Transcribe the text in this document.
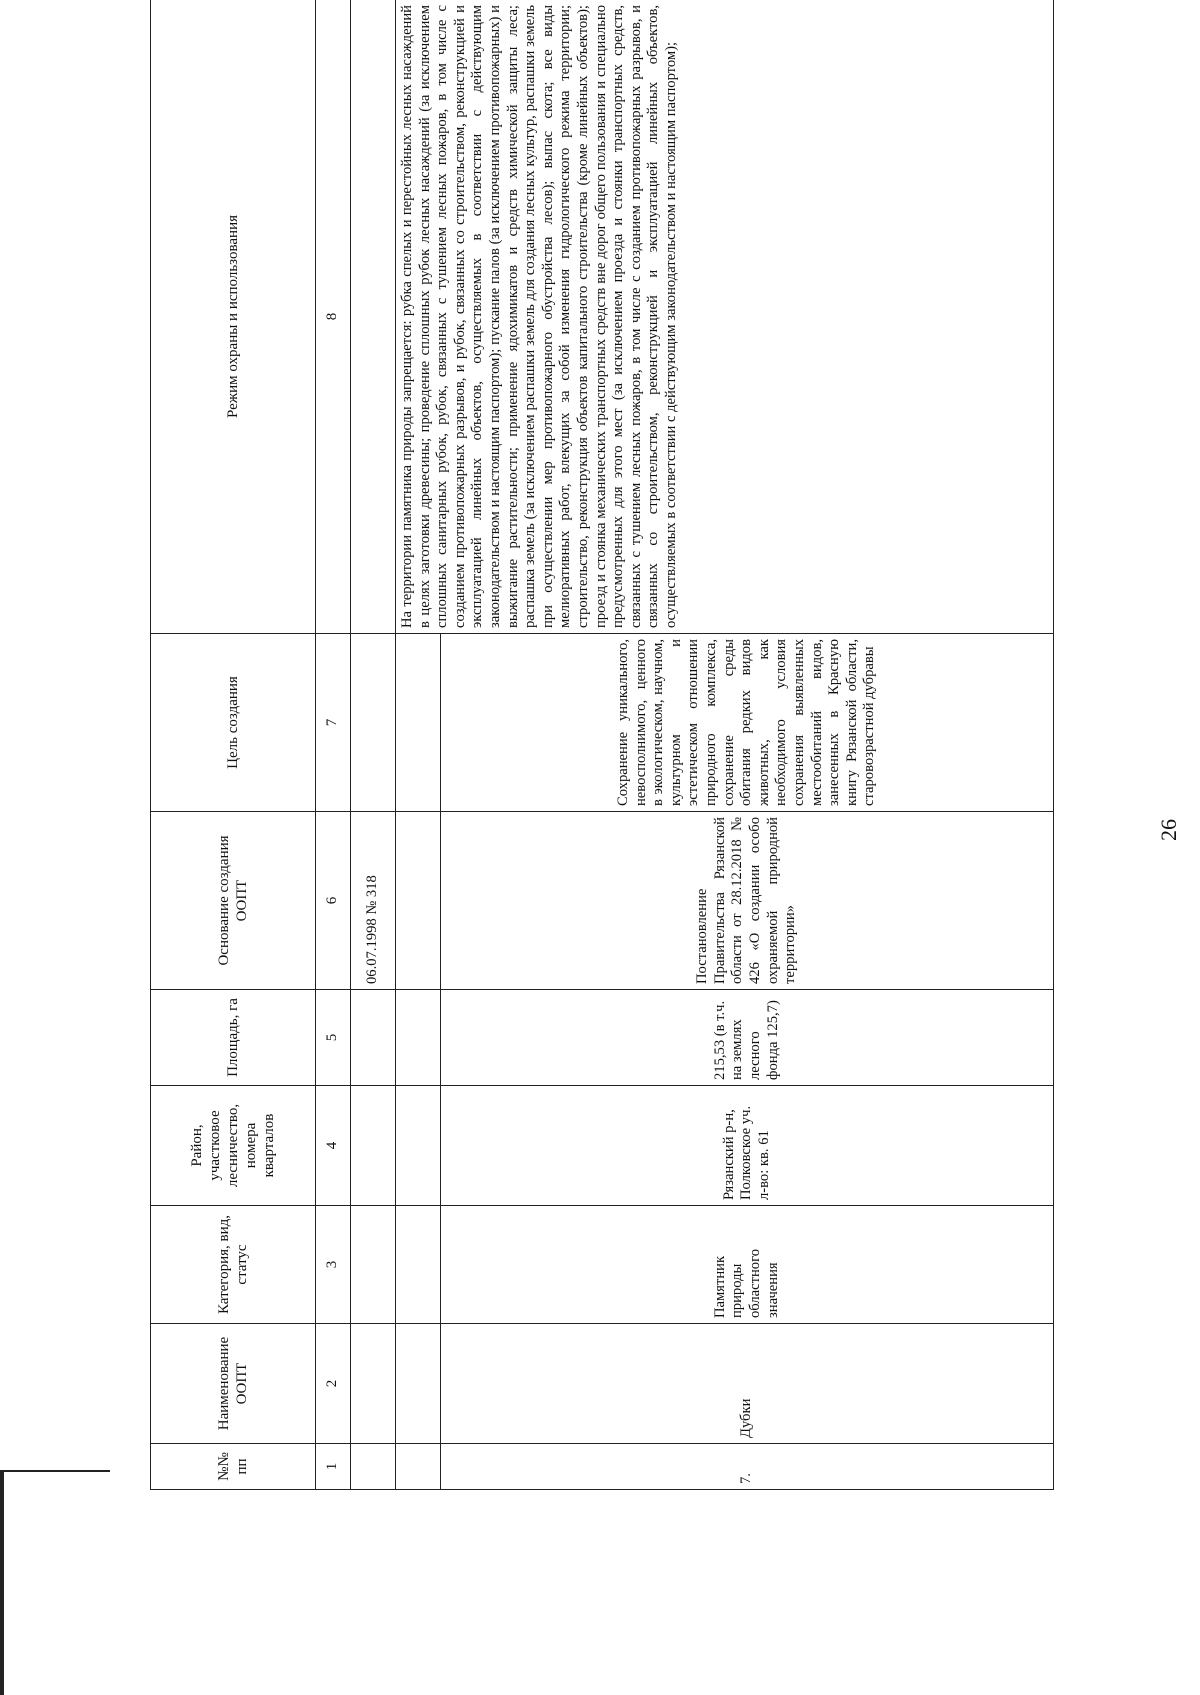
№№ пп	Наименование ООПТ	Категория, вид, статус	Район, участковое лесничество, номера кварталов	Площадь, га	Основание создания ООПТ	Цель создания	Режим охраны и использования
1	2	3	4	5	6	7	8
					06.07.1998 № 318		
							На территории памятника природы запрещается: рубка спелых и перестойных лесных насаждений в целях заготовки древесины; проведение сплошных рубок лесных насаждений (за исключением сплошных санитарных рубок, рубок, связанных с тушением лесных пожаров, в том числе с созданием противопожарных разрывов, и рубок, связанных со строительством, реконструкцией и эксплуатацией линейных объектов, осуществляемых в соответствии с действующим законодательством и настоящим паспортом); пускание палов (за исключением противопожарных) и выжигание растительности; применение ядохимикатов и средств химической защиты леса; распашка земель (за исключением распашки земель для создания лесных культур, распашки земель при осуществлении мер противопожарного обустройства лесов); выпас скота; все виды мелиоративных работ, влекущих за собой изменения гидрологического режима территории; строительство, реконструкция объектов капитального строительства (кроме линейных объектов); проезд и стоянка механических транспортных средств вне дорог общего пользования и специально предусмотренных для этого мест (за исключением проезда и стоянки транспортных средств, связанных с тушением лесных пожаров, в том числе с созданием противопожарных разрывов, и связанных со строительством, реконструкцией и эксплуатацией линейных объектов, осуществляемых в соответствии с действующим законодательством и настоящим паспортом);
7.	Дубки	Памятник природы областного значения	Рязанский р-н, Полковское уч. л-во: кв. 61	215,53 (в т.ч. на землях лесного фонда 125,7)	Постановление Правительства Рязанской области от 28.12.2018 № 426 «О создании особо охраняемой природной территории»	Сохранение уникального, невосполнимого, ценного в экологическом, научном, культурном и эстетическом отношении природного комплекса, сохранение среды обитания редких видов животных, как необходимого условия сохранения выявленных местообитаний видов, занесенных в Красную книгу Рязанской области, старовозрастной дубравы	
26
